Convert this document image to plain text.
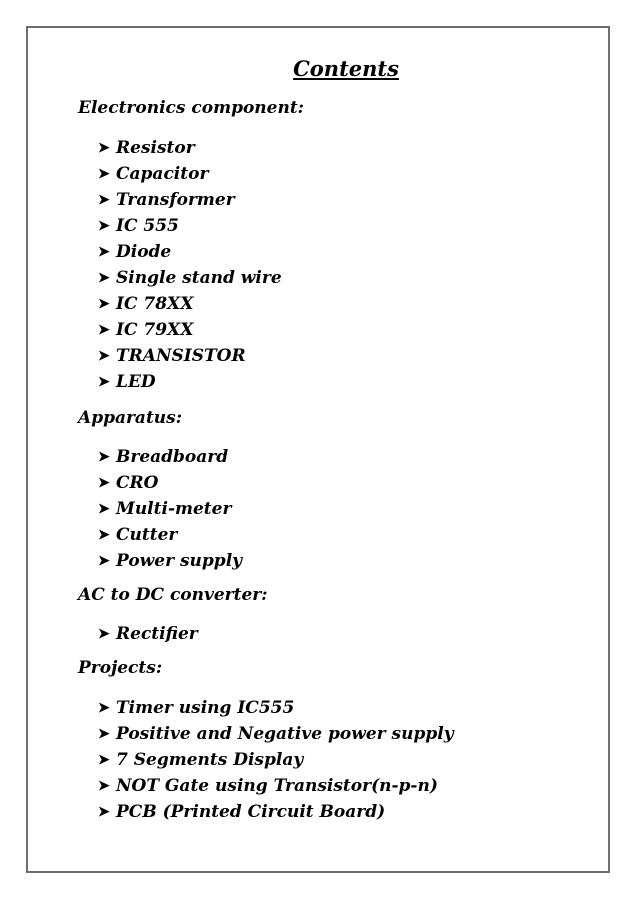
Contents
Electronics component:
➤ Resistor
➤ Capacitor
➤ Transformer
➤ IC 555
➤ Diode
➤ Single stand wire
➤ IC 78XX
➤ IC 79XX
➤ TRANSISTOR
➤ LED
Apparatus:
➤ Breadboard
➤ CRO
➤ Multi-meter
➤ Cutter
➤ Power supply
AC to DC converter:
➤ Rectifier
Projects:
➤ Timer using IC555
➤ Positive and Negative power supply
➤ 7 Segments Display
➤ NOT Gate using Transistor(n-p-n)
➤ PCB (Printed Circuit Board)
